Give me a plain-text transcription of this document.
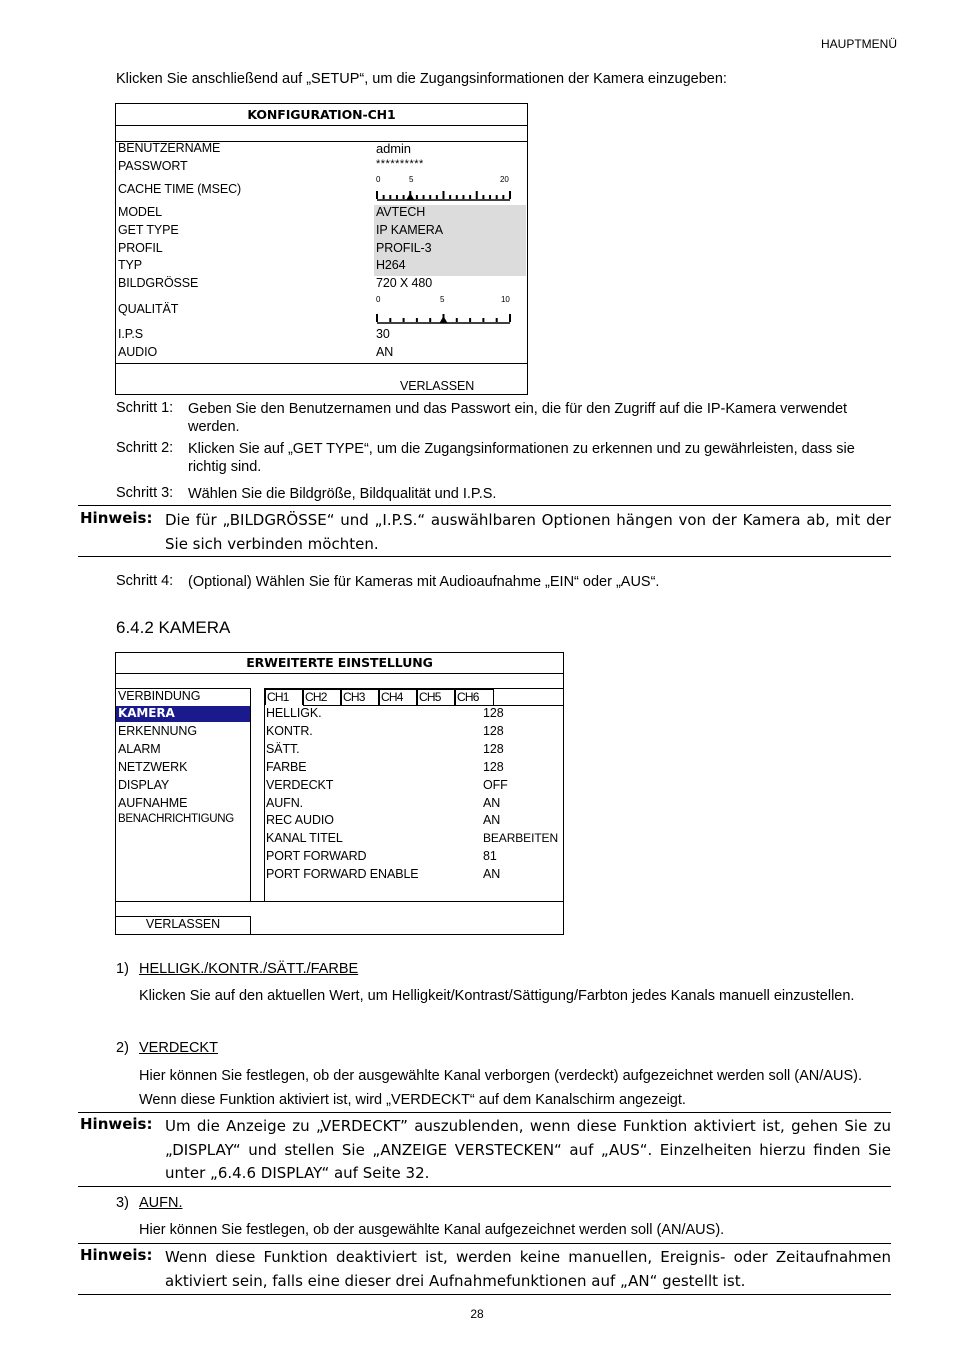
HAUPTMENÜ
Klicken Sie anschließend auf „SETUP“, um die Zugangsinformationen der Kamera einzugeben:
KONFIGURATION-CH1
BENUTZERNAME	admin
PASSWORT	**********
CACHE TIME (MSEC)
0	5	20
MODEL	AVTECH
GET TYPE	IP KAMERA
PROFIL	PROFIL-3
TYP	H264
BILDGRÖSSE	720 X 480
QUALITÄT
0	5	10
I.P.S	30
AUDIO	AN
VERLASSEN
Schritt 1: Geben Sie den Benutzernamen und das Passwort ein, die für den Zugriff auf die IP-Kamera verwendet werden.
Schritt 2: Klicken Sie auf „GET TYPE“, um die Zugangsinformationen zu erkennen und zu gewährleisten, dass sie richtig sind.
Schritt 3: Wählen Sie die Bildgröße, Bildqualität und I.P.S.
Hinweis: Die für „BILDGRÖSSE“ und „I.P.S.“ auswählbaren Optionen hängen von der Kamera ab, mit der Sie sich verbinden möchten.
Schritt 4: (Optional) Wählen Sie für Kameras mit Audioaufnahme „EIN“ oder „AUS“.
6.4.2 KAMERA
ERWEITERTE EINSTELLUNG
VERBINDUNG
KAMERA
ERKENNUNG
ALARM
NETZWERK
DISPLAY
AUFNAHME
BENACHRICHTIGUNG
CH1	CH2	CH3	CH4	CH5	CH6
HELLIGK.	128
KONTR.	128
SÄTT.	128
FARBE	128
VERDECKT	OFF
AUFN.	AN
REC AUDIO	AN
KANAL TITEL	BEARBEITEN
PORT FORWARD	81
PORT FORWARD ENABLE	AN
VERLASSEN
1) HELLIGK./KONTR./SÄTT./FARBE
Klicken Sie auf den aktuellen Wert, um Helligkeit/Kontrast/Sättigung/Farbton jedes Kanals manuell einzustellen.
2) VERDECKT
Hier können Sie festlegen, ob der ausgewählte Kanal verborgen (verdeckt) aufgezeichnet werden soll (AN/AUS). Wenn diese Funktion aktiviert ist, wird „VERDECKT“ auf dem Kanalschirm angezeigt.
Hinweis: Um die Anzeige zu „VERDECKT” auszublenden, wenn diese Funktion aktiviert ist, gehen Sie zu „DISPLAY“ und stellen Sie „ANZEIGE VERSTECKEN“ auf „AUS“. Einzelheiten hierzu finden Sie unter „6.4.6 DISPLAY“ auf Seite 32.
3) AUFN.
Hier können Sie festlegen, ob der ausgewählte Kanal aufgezeichnet werden soll (AN/AUS).
Hinweis: Wenn diese Funktion deaktiviert ist, werden keine manuellen, Ereignis- oder Zeitaufnahmen aktiviert sein, falls eine dieser drei Aufnahmefunktionen auf „AN“ gestellt ist.
28
